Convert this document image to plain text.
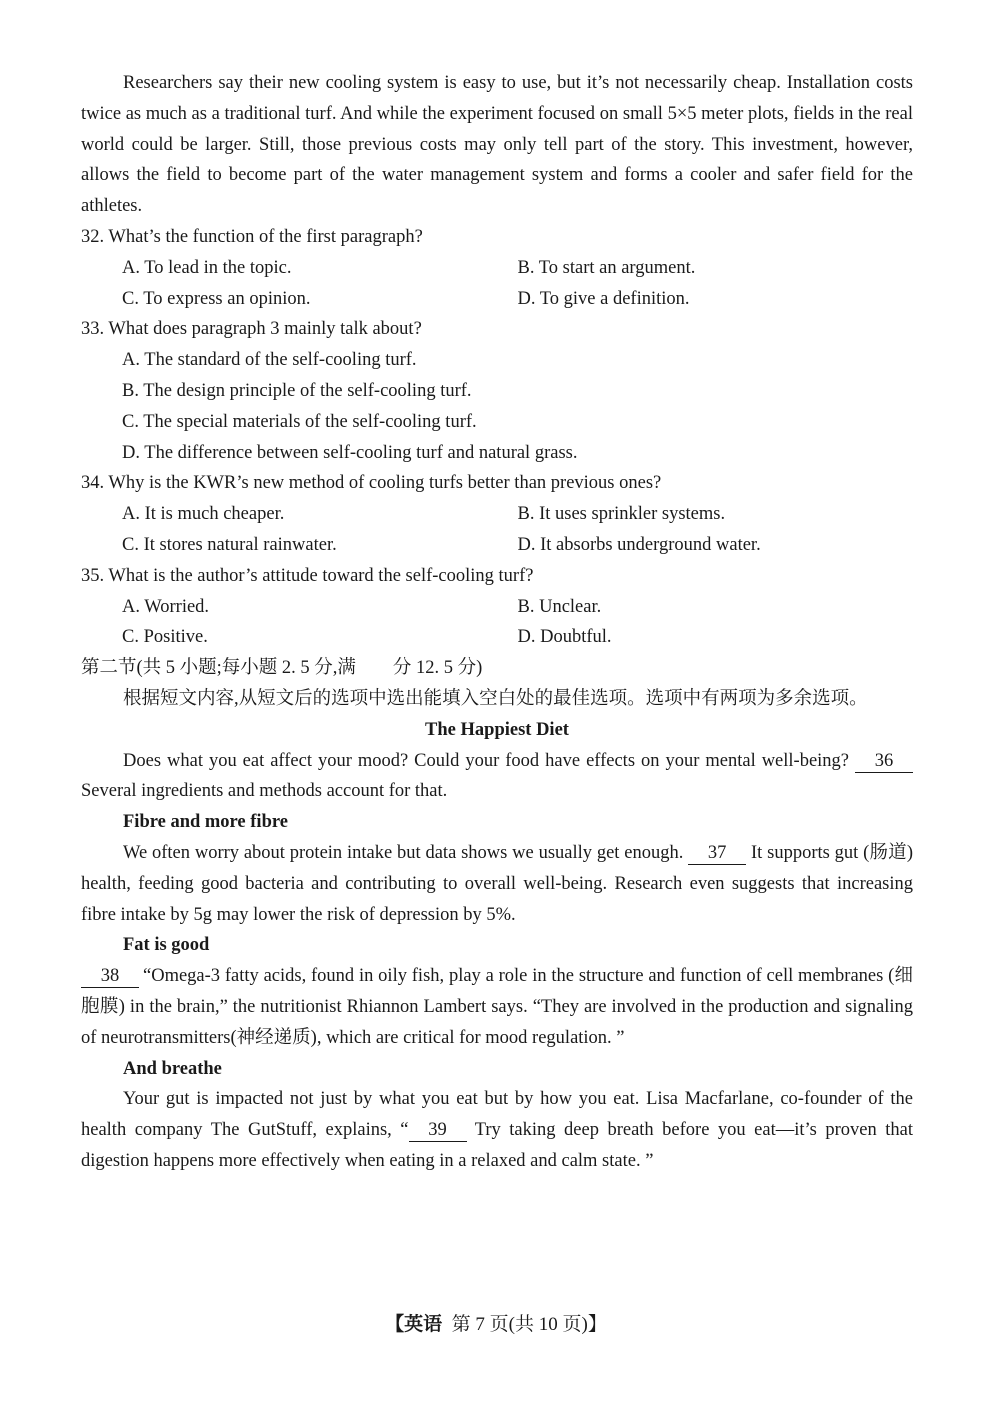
Researchers say their new cooling system is easy to use, but it’s not necessarily cheap. Installation costs twice as much as a traditional turf. And while the experiment focused on small 5×5 meter plots, fields in the real world could be larger. Still, those previous costs may only tell part of the story. This investment, however, allows the field to become part of the water management system and forms a cooler and safer field for the athletes.
32. What’s the function of the first paragraph?
A. To lead in the topic.	B. To start an argument.
C. To express an opinion.	D. To give a definition.
33. What does paragraph 3 mainly talk about?
A. The standard of the self-cooling turf.
B. The design principle of the self-cooling turf.
C. The special materials of the self-cooling turf.
D. The difference between self-cooling turf and natural grass.
34. Why is the KWR’s new method of cooling turfs better than previous ones?
A. It is much cheaper.	B. It uses sprinkler systems.
C. It stores natural rainwater.	D. It absorbs underground water.
35. What is the author’s attitude toward the self-cooling turf?
A. Worried.	B. Unclear.
C. Positive.	D. Doubtful.
第二节(共 5 小题;每小题 2. 5 分,满　　分 12. 5 分)
根据短文内容,从短文后的选项中选出能填入空白处的最佳选项。选项中有两项为多余选项。
The Happiest Diet
Does what you eat affect your mood? Could your food have effects on your mental well-being? 36 Several ingredients and methods account for that.
Fibre and more fibre
We often worry about protein intake but data shows we usually get enough. 37 It supports gut (肠道) health, feeding good bacteria and contributing to overall well-being. Research even suggests that increasing fibre intake by 5g may lower the risk of depression by 5%.
Fat is good
38 “Omega-3 fatty acids, found in oily fish, play a role in the structure and function of cell membranes (细胞膜) in the brain,” the nutritionist Rhiannon Lambert says. “They are involved in the production and signaling of neurotransmitters(神经递质), which are critical for mood regulation. ”
And breathe
Your gut is impacted not just by what you eat but by how you eat. Lisa Macfarlane, co-founder of the health company The GutStuff, explains, “ 39 Try taking deep breath before you eat—it’s proven that digestion happens more effectively when eating in a relaxed and calm state. ”
【英语 第 7 页(共 10 页)】
